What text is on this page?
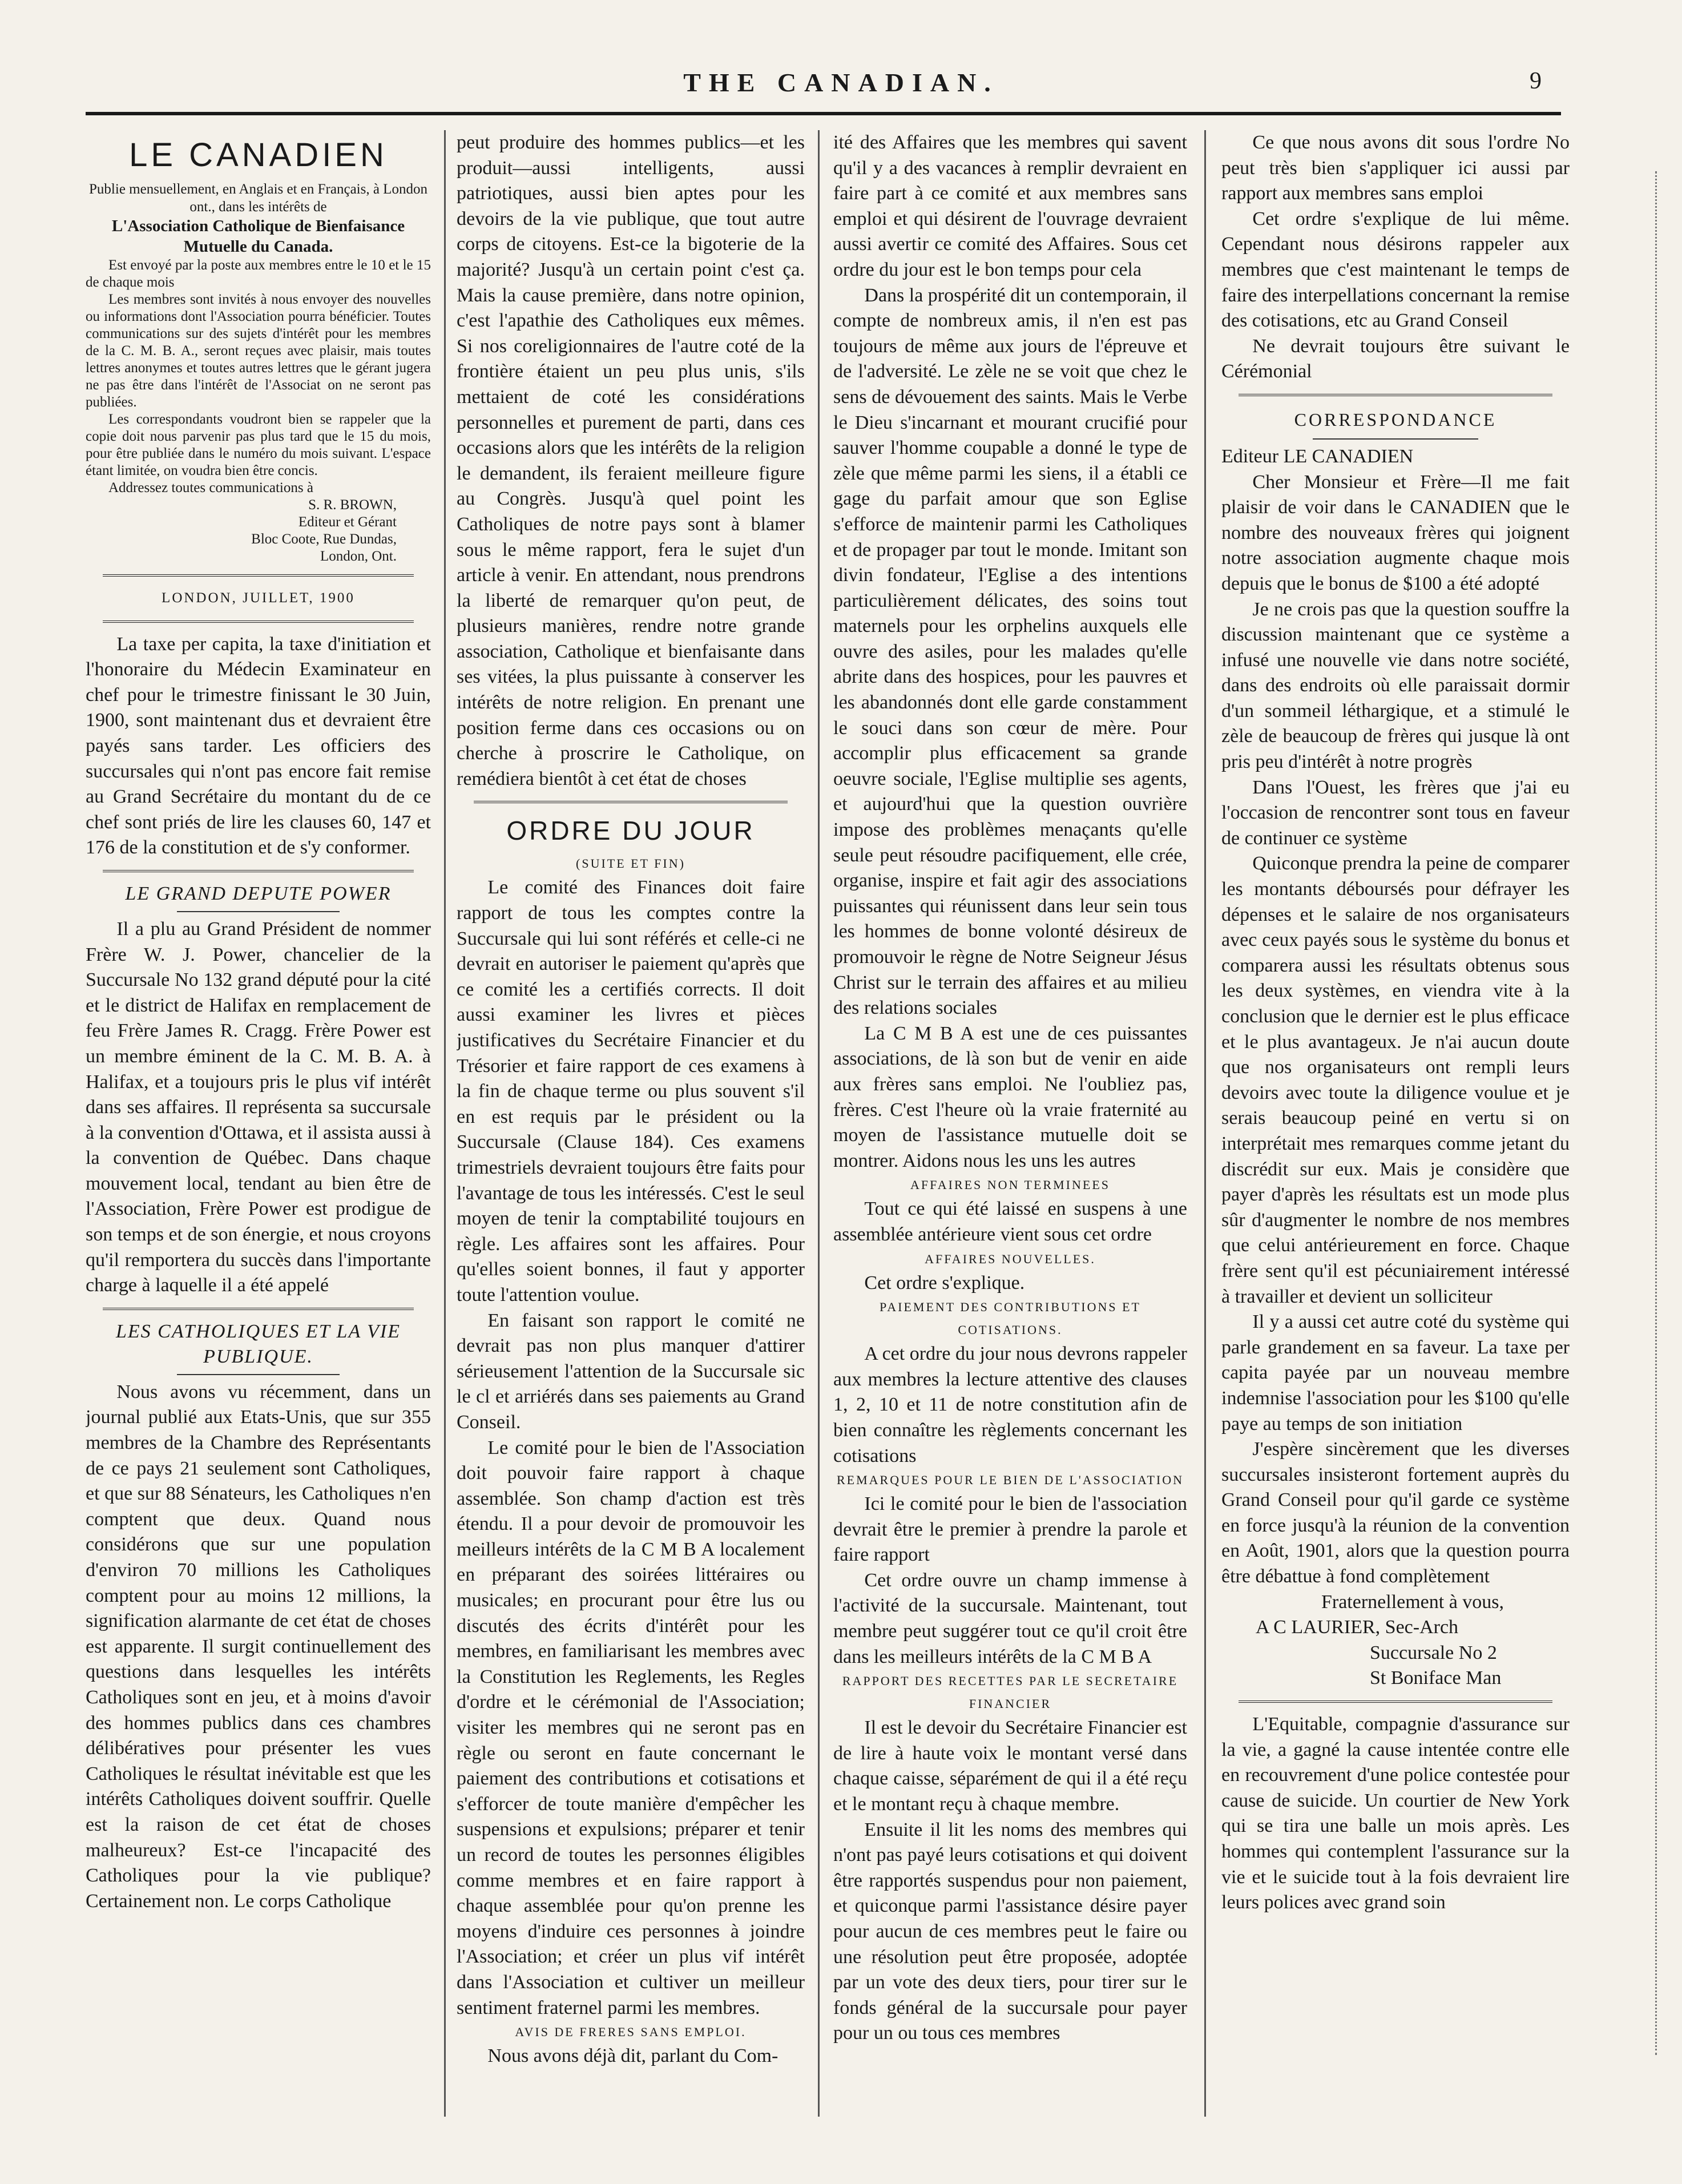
THE CANADIAN.	9
LE CANADIEN

Publie mensuellement, en Anglais et en Français, à London ont., dans les intérêts de

L'Association Catholique de Bienfaisance Mutuelle du Canada.

Est envoyé par la poste aux membres entre le 10 et le 15 de chaque mois

Les membres sont invités à nous envoyer des nouvelles ou informations dont l'Association pourra bénéficier. Toutes communications sur des sujets d'intérêt pour les membres de la C. M. B. A., seront reçues avec plaisir, mais toutes lettres anonymes et toutes autres lettres que le gérant jugera ne pas être dans l'intérêt de l'Associat on ne seront pas publiées.

Les correspondants voudront bien se rappeler que la copie doit nous parvenir pas plus tard que le 15 du mois, pour être publiée dans le numéro du mois suivant. L'espace étant limitée, on voudra bien être concis.

Addressez toutes communications à

S. R. BROWN,
Editeur et Gérant
Bloc Coote, Rue Dundas,
London, Ont.
LONDON, JUILLET, 1900

La taxe per capita, la taxe d'initiation et l'honoraire du Médecin Examinateur en chef pour le trimestre finissant le 30 Juin, 1900, sont maintenant dus et devraient être payés sans tarder. Les officiers des succursales qui n'ont pas encore fait remise au Grand Secrétaire du montant du de ce chef sont priés de lire les clauses 60, 147 et 176 de la constitution et de s'y conformer.

LE GRAND DEPUTE POWER

Il a plu au Grand Président de nommer Frère W. J. Power, chancelier de la Succursale No 132 grand député pour la cité et le district de Halifax en remplacement de feu Frère James R. Cragg. Frère Power est un membre éminent de la C. M. B. A. à Halifax, et a toujours pris le plus vif intérêt dans ses affaires. Il représenta sa succursale à la convention d'Ottawa, et il assista aussi à la convention de Québec. Dans chaque mouvement local, tendant au bien être de l'Association, Frère Power est prodigue de son temps et de son énergie, et nous croyons qu'il remportera du succès dans l'importante charge à laquelle il a été appelé

LES CATHOLIQUES ET LA VIE PUBLIQUE.

Nous avons vu récemment, dans un journal publié aux Etats-Unis, que sur 355 membres de la Chambre des Représentants de ce pays 21 seulement sont Catholiques, et que sur 88 Sénateurs, les Catholiques n'en comptent que deux. Quand nous considérons que sur une population d'environ 70 millions les Catholiques comptent pour au moins 12 millions, la signification alarmante de cet état de choses est apparente. Il surgit continuellement des questions dans lesquelles les intérêts Catholiques sont en jeu, et à moins d'avoir des hommes publics dans ces chambres délibératives pour présenter les vues Catholiques le résultat inévitable est que les intérêts Catholiques doivent souffrir. Quelle est la raison de cet état de choses malheureux? Est-ce l'incapacité des Catholiques pour la vie publique? Certainement non. Le corps Catholique

peut produire des hommes publics—et les produit—aussi intelligents, aussi patriotiques, aussi bien aptes pour les devoirs de la vie publique, que tout autre corps de citoyens. Est-ce la bigoterie de la majorité? Jusqu'à un certain point c'est ça. Mais la cause première, dans notre opinion, c'est l'apathie des Catholiques eux mêmes. Si nos coreligionnaires de l'autre coté de la frontière étaient un peu plus unis, s'ils mettaient de coté les considérations personnelles et purement de parti, dans ces occasions alors que les intérêts de la religion le demandent, ils feraient meilleure figure au Congrès. Jusqu'à quel point les Catholiques de notre pays sont à blamer sous le même rapport, fera le sujet d'un article à venir. En attendant, nous prendrons la liberté de remarquer qu'on peut, de plusieurs manières, rendre notre grande association, Catholique et bienfaisante dans ses vitées, la plus puissante à conserver les intérêts de notre religion. En prenant une position ferme dans ces occasions ou on cherche à proscrire le Catholique, on remédiera bientôt à cet état de choses

ORDRE DU JOUR
(SUITE ET FIN)

Le comité des Finances doit faire rapport de tous les comptes contre la Succursale qui lui sont référés et celle-ci ne devrait en autoriser le paiement qu'après que ce comité les a certifiés corrects. Il doit aussi examiner les livres et pièces justificatives du Secrétaire Financier et du Trésorier et faire rapport de ces examens à la fin de chaque terme ou plus souvent s'il en est requis par le président ou la Succursale (Clause 184). Ces examens trimestriels devraient toujours être faits pour l'avantage de tous les intéressés. C'est le seul moyen de tenir la comptabilité toujours en règle. Les affaires sont les affaires. Pour qu'elles soient bonnes, il faut y apporter toute l'attention voulue.

En faisant son rapport le comité ne devrait pas non plus manquer d'attirer sérieusement l'attention de la Succursale sic le cl et arriérés dans ses paiements au Grand Conseil.

Le comité pour le bien de l'Association doit pouvoir faire rapport à chaque assemblée. Son champ d'action est très étendu. Il a pour devoir de promouvoir les meilleurs intérêts de la C M B A localement en préparant des soirées littéraires ou musicales; en procurant pour être lus ou discutés des écrits d'intérêt pour les membres, en familiarisant les membres avec la Constitution les Reglements, les Regles d'ordre et le cérémonial de l'Association; visiter les membres qui ne seront pas en règle ou seront en faute concernant le paiement des contributions et cotisations et s'efforcer de toute manière d'empêcher les suspensions et expulsions; préparer et tenir un record de toutes les personnes éligibles comme membres et en faire rapport à chaque assemblée pour qu'on prenne les moyens d'induire ces personnes à joindre l'Association; et créer un plus vif intérêt dans l'Association et cultiver un meilleur sentiment fraternel parmi les membres.

AVIS DE FRERES SANS EMPLOI.

Nous avons déjà dit, parlant du Com-

ité des Affaires que les membres qui savent qu'il y a des vacances à remplir devraient en faire part à ce comité et aux membres sans emploi et qui désirent de l'ouvrage devraient aussi avertir ce comité des Affaires. Sous cet ordre du jour est le bon temps pour cela

Dans la prospérité dit un contemporain, il compte de nombreux amis, il n'en est pas toujours de même aux jours de l'épreuve et de l'adversité. Le zèle ne se voit que chez le sens de dévouement des saints. Mais le Verbe le Dieu s'incarnant et mourant crucifié pour sauver l'homme coupable a donné le type de zèle que même parmi les siens, il a établi ce gage du parfait amour que son Eglise s'efforce de maintenir parmi les Catholiques et de propager par tout le monde. Imitant son divin fondateur, l'Eglise a des intentions particulièrement délicates, des soins tout maternels pour les orphelins auxquels elle ouvre des asiles, pour les malades qu'elle abrite dans des hospices, pour les pauvres et les abandonnés dont elle garde constamment le souci dans son cœur de mère. Pour accomplir plus efficacement sa grande oeuvre sociale, l'Eglise multiplie ses agents, et aujourd'hui que la question ouvrière impose des problèmes menaçants qu'elle seule peut résoudre pacifiquement, elle crée, organise, inspire et fait agir des associations puissantes qui réunissent dans leur sein tous les hommes de bonne volonté désireux de promouvoir le règne de Notre Seigneur Jésus Christ sur le terrain des affaires et au milieu des relations sociales

La C M B A est une de ces puissantes associations, de là son but de venir en aide aux frères sans emploi. Ne l'oubliez pas, frères. C'est l'heure où la vraie fraternité au moyen de l'assistance mutuelle doit se montrer. Aidons nous les uns les autres

AFFAIRES NON TERMINEES

Tout ce qui été laissé en suspens à une assemblée antérieure vient sous cet ordre

AFFAIRES NOUVELLES.

Cet ordre s'explique.

PAIEMENT DES CONTRIBUTIONS ET COTISATIONS.

A cet ordre du jour nous devrons rappeler aux membres la lecture attentive des clauses 1, 2, 10 et 11 de notre constitution afin de bien connaître les règlements concernant les cotisations

REMARQUES POUR LE BIEN DE L'ASSOCIATION

Ici le comité pour le bien de l'association devrait être le premier à prendre la parole et faire rapport

Cet ordre ouvre un champ immense à l'activité de la succursale. Maintenant, tout membre peut suggérer tout ce qu'il croit être dans les meilleurs intérêts de la C M B A

RAPPORT DES RECETTES PAR LE SECRETAIRE FINANCIER

Il est le devoir du Secrétaire Financier est de lire à haute voix le montant versé dans chaque caisse, séparément de qui il a été reçu et le montant reçu à chaque membre.

Ensuite il lit les noms des membres qui n'ont pas payé leurs cotisations et qui doivent être rapportés suspendus pour non paiement, et quiconque parmi l'assistance désire payer pour aucun de ces membres peut le faire ou une résolution peut être proposée, adoptée par un vote des deux tiers, pour tirer sur le fonds général de la succursale pour payer pour un ou tous ces membres

Ce que nous avons dit sous l'ordre No peut très bien s'appliquer ici aussi par rapport aux membres sans emploi

Cet ordre s'explique de lui même. Cependant nous désirons rappeler aux membres que c'est maintenant le temps de faire des interpellations concernant la remise des cotisations, etc au Grand Conseil

Ne devrait toujours être suivant le Cérémonial

CORRESPONDANCE

Editeur LE CANADIEN

Cher Monsieur et Frère—Il me fait plaisir de voir dans le CANADIEN que le nombre des nouveaux frères qui joignent notre association augmente chaque mois depuis que le bonus de $100 a été adopté

Je ne crois pas que la question souffre la discussion maintenant que ce système a infusé une nouvelle vie dans notre société, dans des endroits où elle paraissait dormir d'un sommeil léthargique, et a stimulé le zèle de beaucoup de frères qui jusque là ont pris peu d'intérêt à notre progrès

Dans l'Ouest, les frères que j'ai eu l'occasion de rencontrer sont tous en faveur de continuer ce système

Quiconque prendra la peine de comparer les montants déboursés pour défrayer les dépenses et le salaire de nos organisateurs avec ceux payés sous le système du bonus et comparera aussi les résultats obtenus sous les deux systèmes, en viendra vite à la conclusion que le dernier est le plus efficace et le plus avantageux. Je n'ai aucun doute que nos organisateurs ont rempli leurs devoirs avec toute la diligence voulue et je serais beaucoup peiné en vertu si on interprétait mes remarques comme jetant du discrédit sur eux. Mais je considère que payer d'après les résultats est un mode plus sûr d'augmenter le nombre de nos membres que celui antérieurement en force. Chaque frère sent qu'il est pécuniairement intéressé à travailler et devient un solliciteur

Il y a aussi cet autre coté du système qui parle grandement en sa faveur. La taxe per capita payée par un nouveau membre indemnise l'association pour les $100 qu'elle paye au temps de son initiation

J'espère sincèrement que les diverses succursales insisteront fortement auprès du Grand Conseil pour qu'il garde ce système en force jusqu'à la réunion de la convention en Août, 1901, alors que la question pourra être débattue à fond complètement

Fraternellement à vous,

A C LAURIER, Sec-Arch

Succursale No 2

St Boniface Man

L'Equitable, compagnie d'assurance sur la vie, a gagné la cause intentée contre elle en recouvrement d'une police contestée pour cause de suicide. Un courtier de New York qui se tira une balle un mois après. Les hommes qui contemplent l'assurance sur la vie et le suicide tout à la fois devraient lire leurs polices avec grand soin
